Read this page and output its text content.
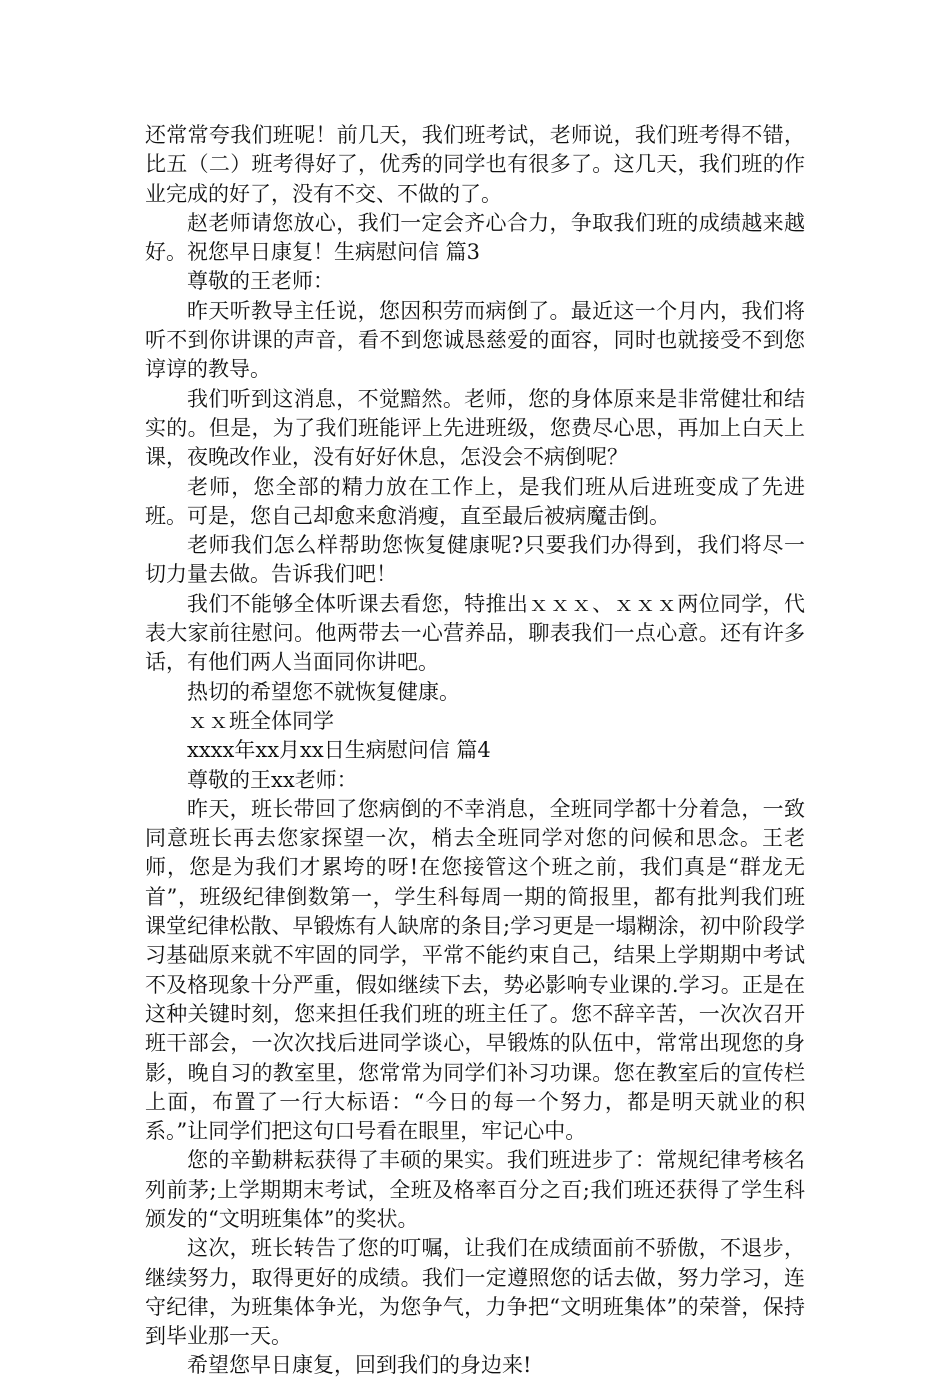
还常常夸我们班呢！前几天，我们班考试，老师说，我们班考得不错，比五（二）班考得好了，优秀的同学也有很多了。这几天，我们班的作业完成的好了，没有不交、不做的了。

赵老师请您放心，我们一定会齐心合力，争取我们班的成绩越来越好。祝您早日康复！生病慰问信 篇3

尊敬的王老师：

昨天听教导主任说，您因积劳而病倒了。最近这一个月内，我们将听不到你讲课的声音，看不到您诚恳慈爱的面容，同时也就接受不到您谆谆的教导。

我们听到这消息，不觉黯然。老师，您的身体原来是非常健壮和结实的。但是，为了我们班能评上先进班级，您费尽心思，再加上白天上课，夜晚改作业，没有好好休息，怎没会不病倒呢？

老师，您全部的精力放在工作上，是我们班从后进班变成了先进班。可是，您自己却愈来愈消瘦，直至最后被病魔击倒。

老师我们怎么样帮助您恢复健康呢?只要我们办得到，我们将尽一切力量去做。告诉我们吧！

我们不能够全体听课去看您，特推出ｘｘｘ、ｘｘｘ两位同学，代表大家前往慰问。他两带去一心营养品，聊表我们一点心意。还有许多话，有他们两人当面同你讲吧。

热切的希望您不就恢复健康。

ｘｘ班全体同学

xxxx年xx月xx日生病慰问信 篇4

尊敬的王xx老师：

昨天，班长带回了您病倒的不幸消息，全班同学都十分着急，一致同意班长再去您家探望一次，梢去全班同学对您的问候和思念。王老师，您是为我们才累垮的呀!在您接管这个班之前，我们真是“群龙无首”，班级纪律倒数第一，学生科每周一期的简报里，都有批判我们班课堂纪律松散、早锻炼有人缺席的条目;学习更是一塌糊涂，初中阶段学习基础原来就不牢固的同学，平常不能约束自己，结果上学期期中考试不及格现象十分严重，假如继续下去，势必影响专业课的.学习。正是在这种关键时刻，您来担任我们班的班主任了。您不辞辛苦，一次次召开班干部会，一次次找后进同学谈心，早锻炼的队伍中，常常出现您的身影，晚自习的教室里，您常常为同学们补习功课。您在教室后的宣传栏上面，布置了一行大标语：“今日的每一个努力，都是明天就业的积系。”让同学们把这句口号看在眼里，牢记心中。

您的辛勤耕耘获得了丰硕的果实。我们班进步了：常规纪律考核名列前茅;上学期期末考试，全班及格率百分之百;我们班还获得了学生科颁发的“文明班集体”的奖状。

这次，班长转告了您的叮嘱，让我们在成绩面前不骄傲，不退步，继续努力，取得更好的成绩。我们一定遵照您的话去做，努力学习，连守纪律，为班集体争光，为您争气，力争把“文明班集体”的荣誉，保持到毕业那一天。

希望您早日康复，回到我们的身边来!
